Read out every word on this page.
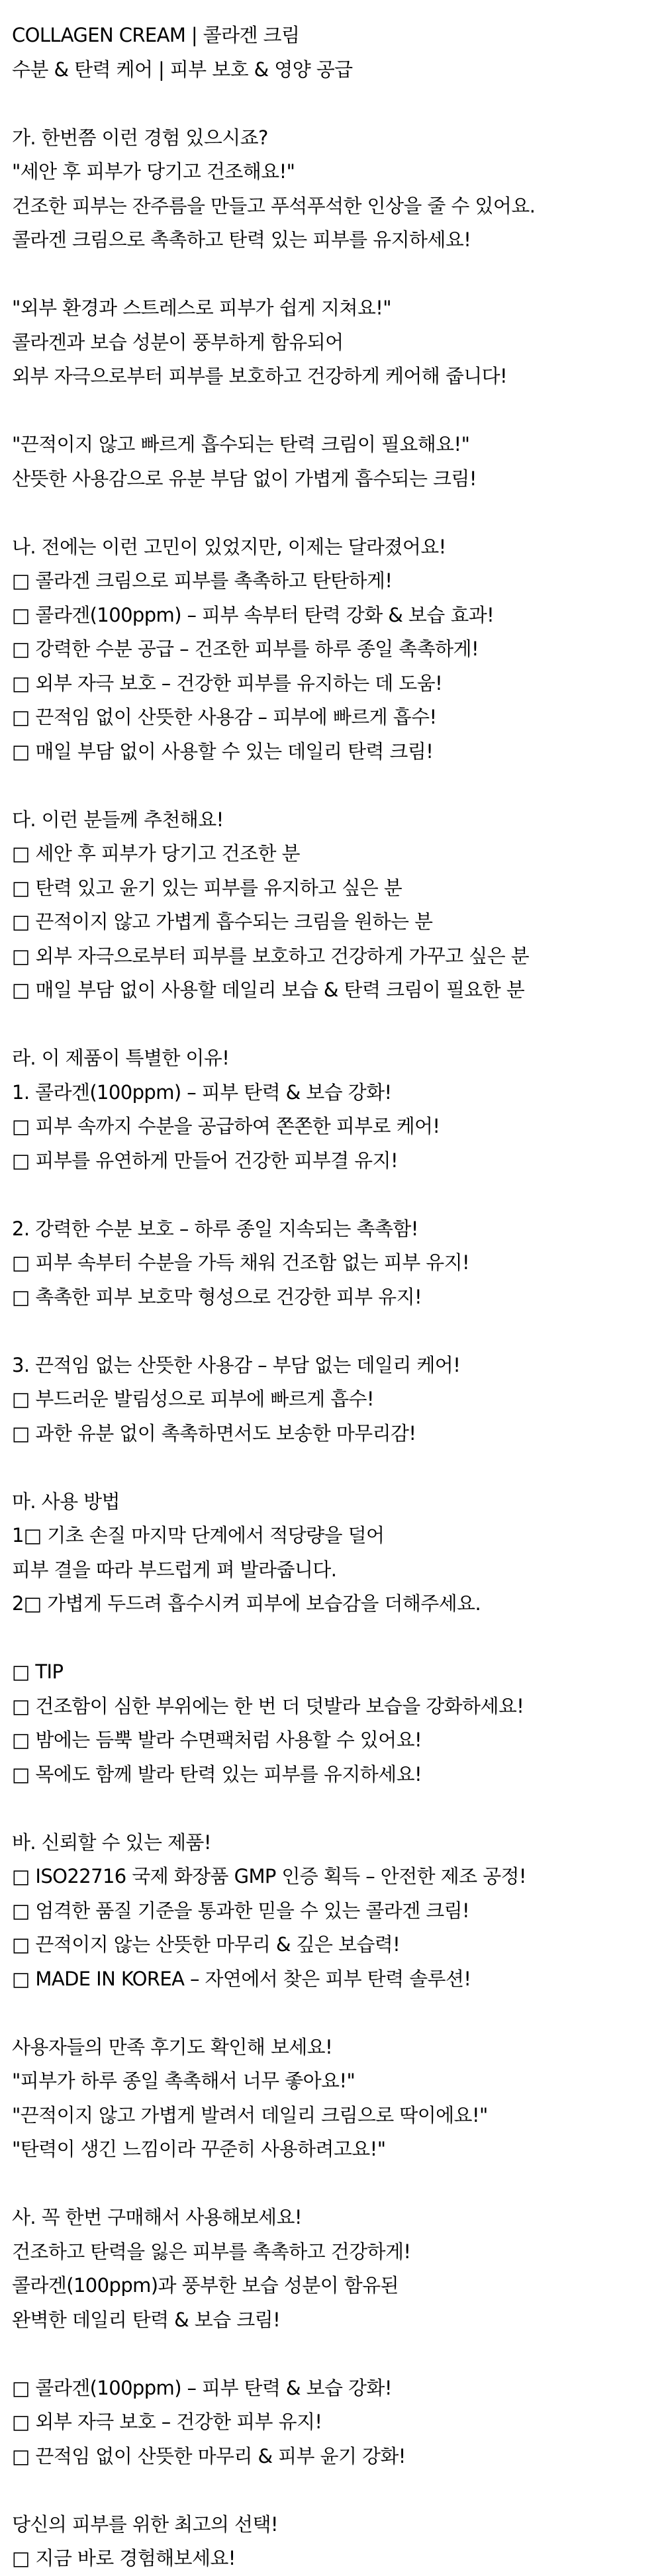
COLLAGEN CREAM | 콜라겐 크림
수분 & 탄력 케어 | 피부 보호 & 영양 공급
가. 한번쯤 이런 경험 있으시죠?
"세안 후 피부가 당기고 건조해요!"
건조한 피부는 잔주름을 만들고 푸석푸석한 인상을 줄 수 있어요.
콜라겐 크림으로 촉촉하고 탄력 있는 피부를 유지하세요!
"외부 환경과 스트레스로 피부가 쉽게 지쳐요!"
콜라겐과 보습 성분이 풍부하게 함유되어
외부 자극으로부터 피부를 보호하고 건강하게 케어해 줍니다!
"끈적이지 않고 빠르게 흡수되는 탄력 크림이 필요해요!"
산뜻한 사용감으로 유분 부담 없이 가볍게 흡수되는 크림!
나. 전에는 이런 고민이 있었지만, 이제는 달라졌어요!
□ 콜라겐 크림으로 피부를 촉촉하고 탄탄하게!
□ 콜라겐(100ppm) – 피부 속부터 탄력 강화 & 보습 효과!
□ 강력한 수분 공급 – 건조한 피부를 하루 종일 촉촉하게!
□ 외부 자극 보호 – 건강한 피부를 유지하는 데 도움!
□ 끈적임 없이 산뜻한 사용감 – 피부에 빠르게 흡수!
□ 매일 부담 없이 사용할 수 있는 데일리 탄력 크림!
다. 이런 분들께 추천해요!
□ 세안 후 피부가 당기고 건조한 분
□ 탄력 있고 윤기 있는 피부를 유지하고 싶은 분
□ 끈적이지 않고 가볍게 흡수되는 크림을 원하는 분
□ 외부 자극으로부터 피부를 보호하고 건강하게 가꾸고 싶은 분
□ 매일 부담 없이 사용할 데일리 보습 & 탄력 크림이 필요한 분
라. 이 제품이 특별한 이유!
1. 콜라겐(100ppm) – 피부 탄력 & 보습 강화!
□ 피부 속까지 수분을 공급하여 쫀쫀한 피부로 케어!
□ 피부를 유연하게 만들어 건강한 피부결 유지!
2. 강력한 수분 보호 – 하루 종일 지속되는 촉촉함!
□ 피부 속부터 수분을 가득 채워 건조함 없는 피부 유지!
□ 촉촉한 피부 보호막 형성으로 건강한 피부 유지!
3. 끈적임 없는 산뜻한 사용감 – 부담 없는 데일리 케어!
□ 부드러운 발림성으로 피부에 빠르게 흡수!
□ 과한 유분 없이 촉촉하면서도 보송한 마무리감!
마. 사용 방법
1□ 기초 손질 마지막 단계에서 적당량을 덜어
피부 결을 따라 부드럽게 펴 발라줍니다.
2□ 가볍게 두드려 흡수시켜 피부에 보습감을 더해주세요.
□ TIP
□ 건조함이 심한 부위에는 한 번 더 덧발라 보습을 강화하세요!
□ 밤에는 듬뿍 발라 수면팩처럼 사용할 수 있어요!
□ 목에도 함께 발라 탄력 있는 피부를 유지하세요!
바. 신뢰할 수 있는 제품!
□ ISO22716 국제 화장품 GMP 인증 획득 – 안전한 제조 공정!
□ 엄격한 품질 기준을 통과한 믿을 수 있는 콜라겐 크림!
□ 끈적이지 않는 산뜻한 마무리 & 깊은 보습력!
□ MADE IN KOREA – 자연에서 찾은 피부 탄력 솔루션!
사용자들의 만족 후기도 확인해 보세요!
"피부가 하루 종일 촉촉해서 너무 좋아요!"
"끈적이지 않고 가볍게 발려서 데일리 크림으로 딱이에요!"
"탄력이 생긴 느낌이라 꾸준히 사용하려고요!"
사. 꼭 한번 구매해서 사용해보세요!
건조하고 탄력을 잃은 피부를 촉촉하고 건강하게!
콜라겐(100ppm)과 풍부한 보습 성분이 함유된
완벽한 데일리 탄력 & 보습 크림!
□ 콜라겐(100ppm) – 피부 탄력 & 보습 강화!
□ 외부 자극 보호 – 건강한 피부 유지!
□ 끈적임 없이 산뜻한 마무리 & 피부 윤기 강화!
당신의 피부를 위한 최고의 선택!
□ 지금 바로 경험해보세요!
